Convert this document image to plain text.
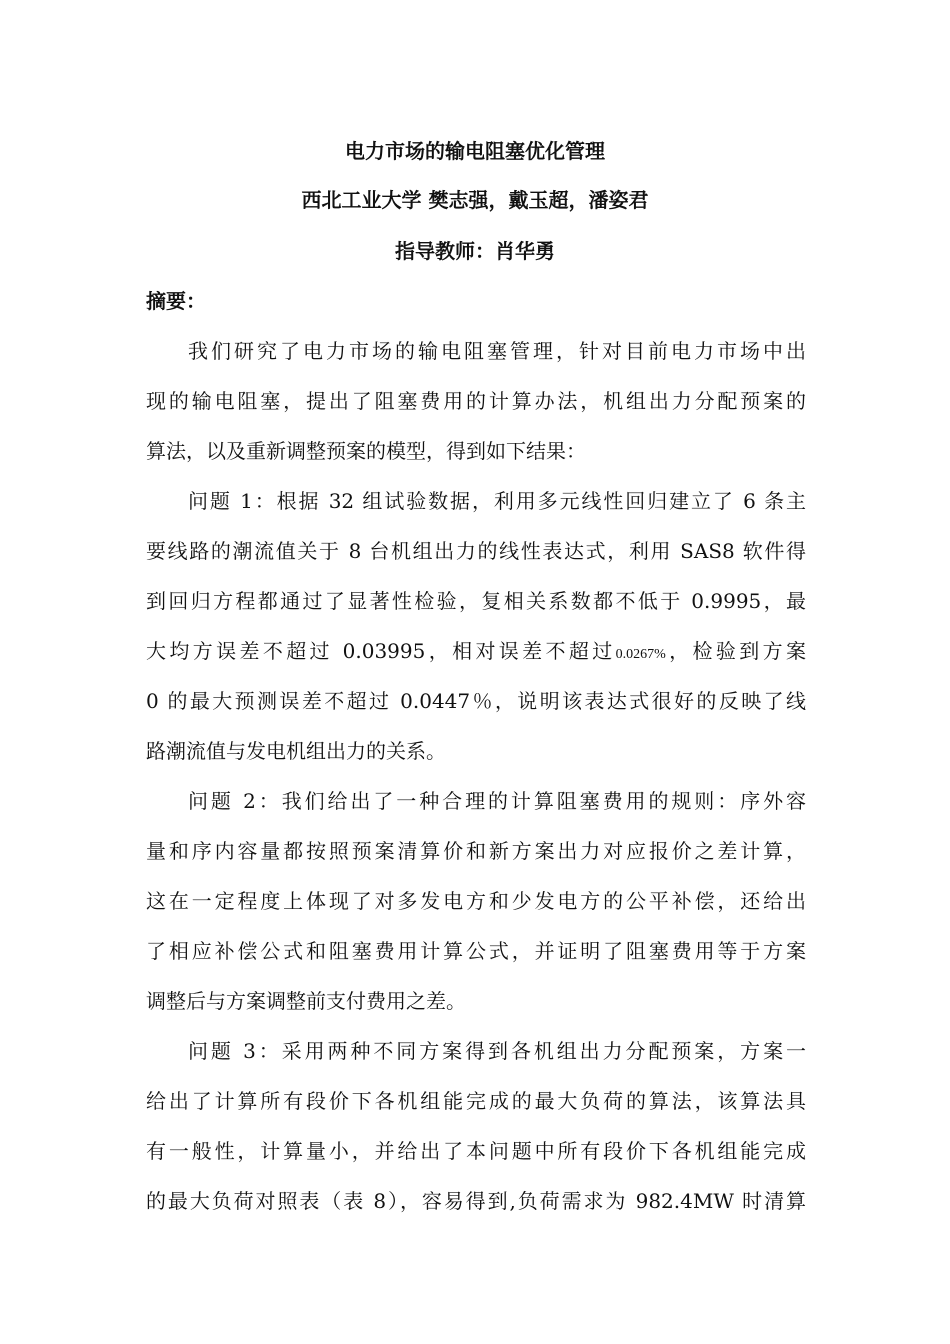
电力市场的输电阻塞优化管理
西北工业大学 樊志强，戴玉超，潘姿君
指导教师：肖华勇
摘要：
我们研究了电力市场的输电阻塞管理，针对目前电力市场中出
现的输电阻塞，提出了阻塞费用的计算办法，机组出力分配预案的
算法，以及重新调整预案的模型，得到如下结果：
问题 1：根据 32 组试验数据，利用多元线性回归建立了 6 条主
要线路的潮流值关于 8 台机组出力的线性表达式，利用 SAS8 软件得
到回归方程都通过了显著性检验，复相关系数都不低于 0.9995，最
大均方误差不超过 0.03995，相对误差不超过0.0267%，检验到方案
0 的最大预测误差不超过 0.0447％，说明该表达式很好的反映了线
路潮流值与发电机组出力的关系。
问题 2：我们给出了一种合理的计算阻塞费用的规则：序外容
量和序内容量都按照预案清算价和新方案出力对应报价之差计算，
这在一定程度上体现了对多发电方和少发电方的公平补偿，还给出
了相应补偿公式和阻塞费用计算公式，并证明了阻塞费用等于方案
调整后与方案调整前支付费用之差。
问题 3：采用两种不同方案得到各机组出力分配预案，方案一
给出了计算所有段价下各机组能完成的最大负荷的算法，该算法具
有一般性，计算量小，并给出了本问题中所有段价下各机组能完成
的最大负荷对照表（表 8），容易得到,负荷需求为 982.4MW 时清算
